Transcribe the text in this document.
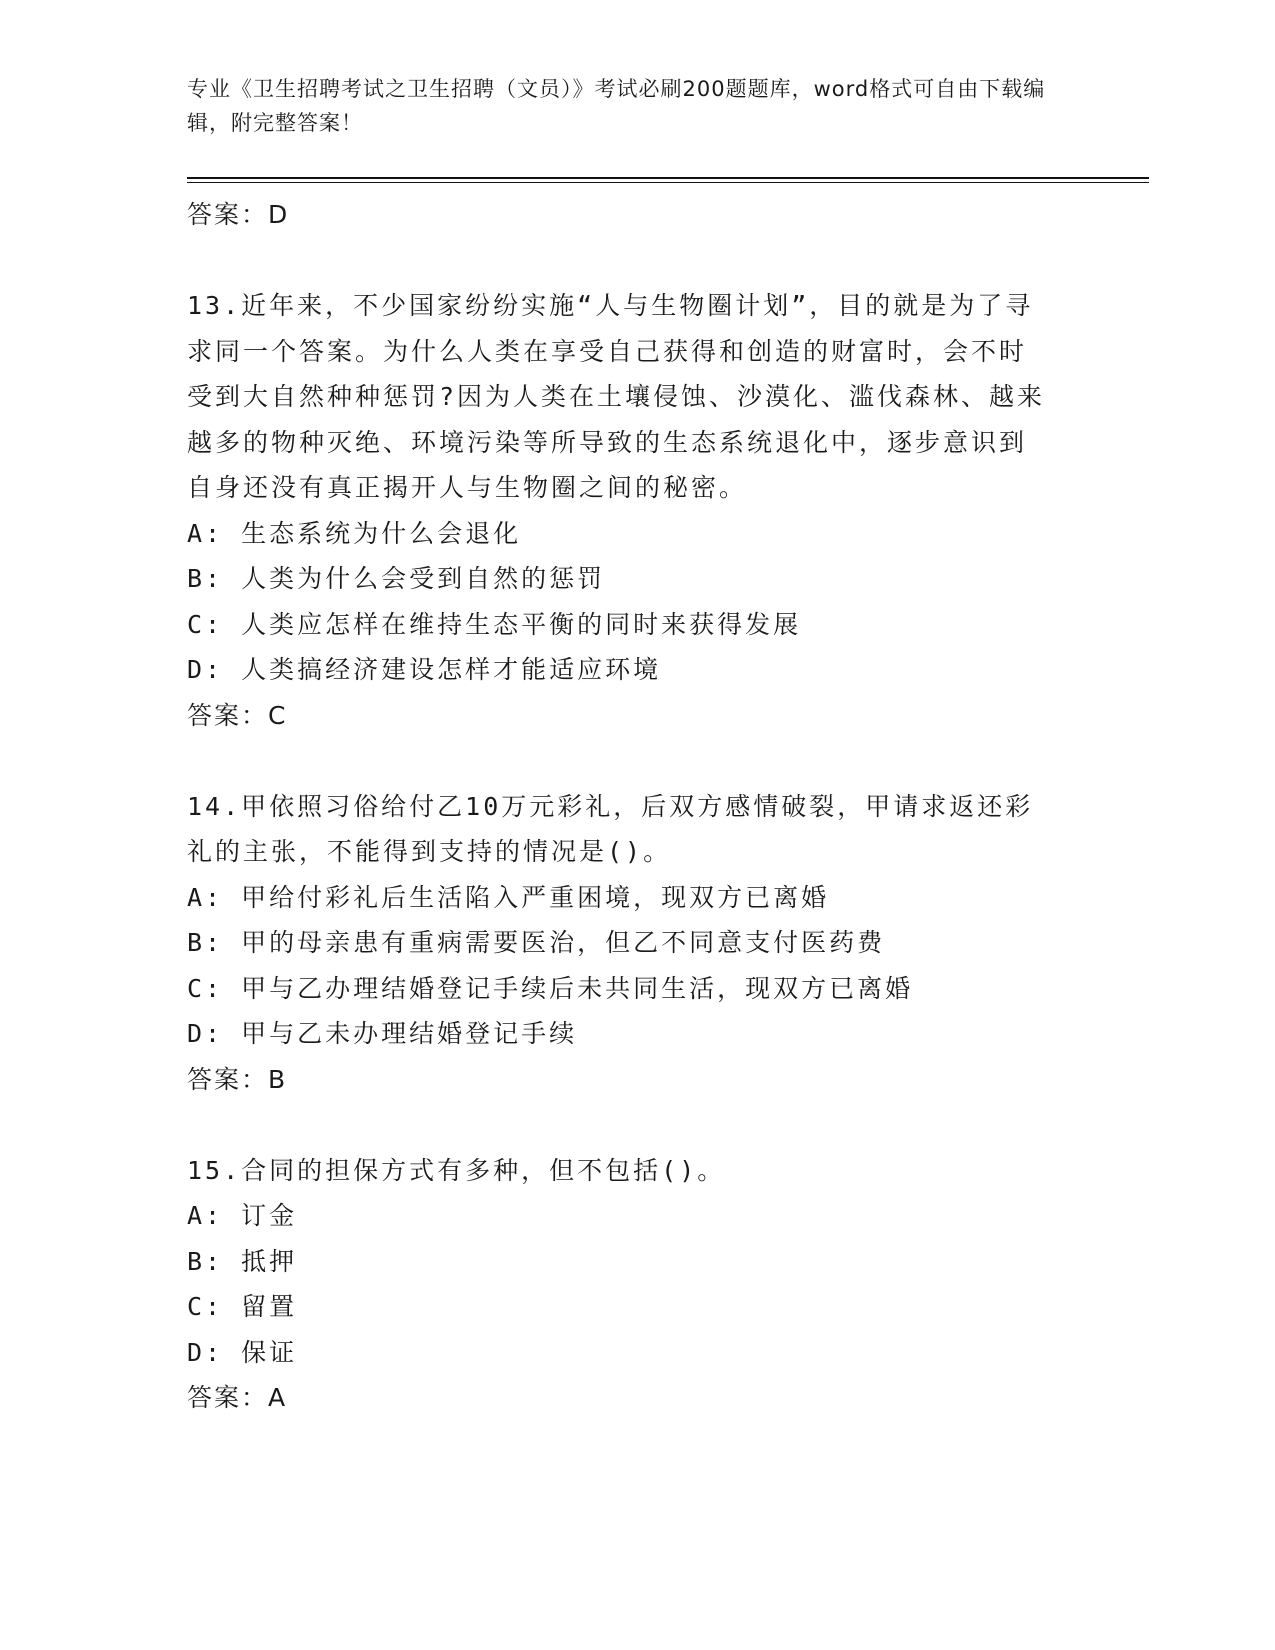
专业《卫生招聘考试之卫生招聘（文员）》考试必刷200题题库，word格式可自由下载编辑，附完整答案！
答案：D
13.近年来，不少国家纷纷实施“人与生物圈计划”，目的就是为了寻
求同一个答案。为什么人类在享受自己获得和创造的财富时，会不时
受到大自然种种惩罚?因为人类在土壤侵蚀、沙漠化、滥伐森林、越来
越多的物种灭绝、环境污染等所导致的生态系统退化中，逐步意识到
自身还没有真正揭开人与生物圈之间的秘密。
A: 生态系统为什么会退化
B: 人类为什么会受到自然的惩罚
C: 人类应怎样在维持生态平衡的同时来获得发展
D: 人类搞经济建设怎样才能适应环境
答案：C
14.甲依照习俗给付乙10万元彩礼，后双方感情破裂，甲请求返还彩
礼的主张，不能得到支持的情况是()。
A: 甲给付彩礼后生活陷入严重困境，现双方已离婚
B: 甲的母亲患有重病需要医治，但乙不同意支付医药费
C: 甲与乙办理结婚登记手续后未共同生活，现双方已离婚
D: 甲与乙未办理结婚登记手续
答案：B
15.合同的担保方式有多种，但不包括()。
A: 订金
B: 抵押
C: 留置
D: 保证
答案：A
